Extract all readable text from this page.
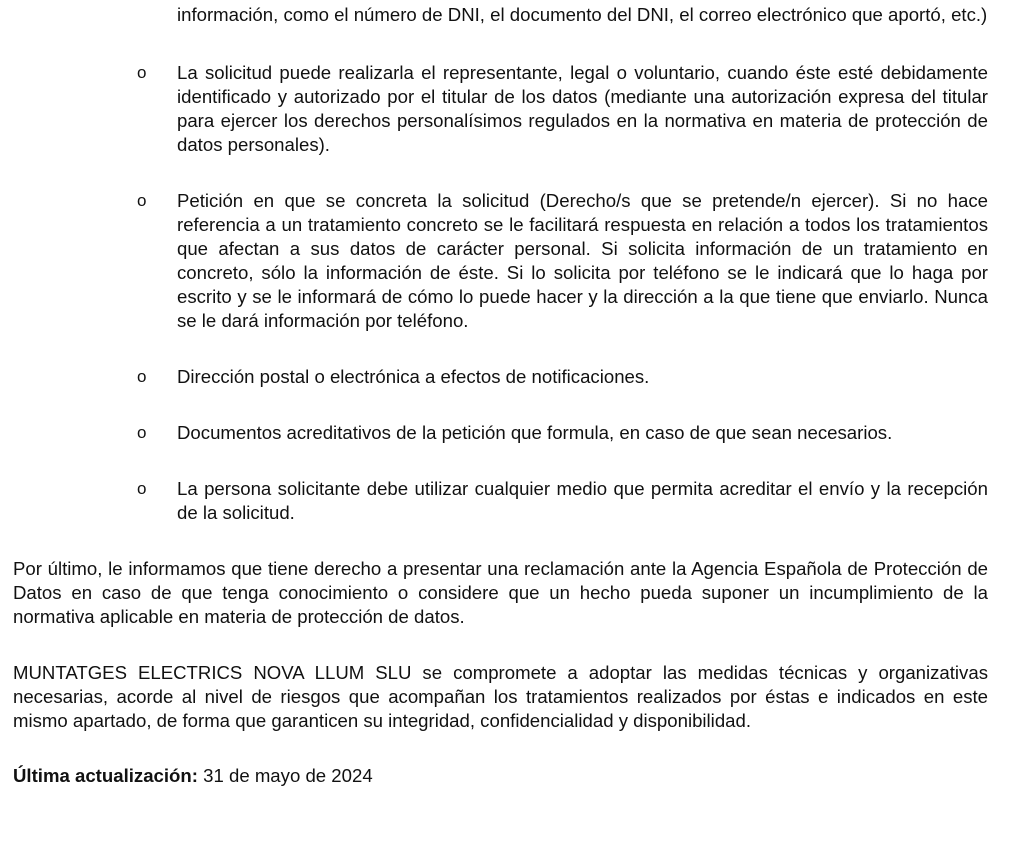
información, como el número de DNI, el documento del DNI, el correo electrónico que aportó, etc.)

o La solicitud puede realizarla el representante, legal o voluntario, cuando éste esté debidamente identificado y autorizado por el titular de los datos (mediante una autorización expresa del titular para ejercer los derechos personalísimos regulados en la normativa en materia de protección de datos personales).

o Petición en que se concreta la solicitud (Derecho/s que se pretende/n ejercer). Si no hace referencia a un tratamiento concreto se le facilitará respuesta en relación a todos los tratamientos que afectan a sus datos de carácter personal. Si solicita información de un tratamiento en concreto, sólo la información de éste. Si lo solicita por teléfono se le indicará que lo haga por escrito y se le informará de cómo lo puede hacer y la dirección a la que tiene que enviarlo. Nunca se le dará información por teléfono.

o Dirección postal o electrónica a efectos de notificaciones.

o Documentos acreditativos de la petición que formula, en caso de que sean necesarios.

o La persona solicitante debe utilizar cualquier medio que permita acreditar el envío y la recepción de la solicitud.

Por último, le informamos que tiene derecho a presentar una reclamación ante la Agencia Española de Protección de Datos en caso de que tenga conocimiento o considere que un hecho pueda suponer un incumplimiento de la normativa aplicable en materia de protección de datos.

MUNTATGES ELECTRICS NOVA LLUM SLU se compromete a adoptar las medidas técnicas y organizativas necesarias, acorde al nivel de riesgos que acompañan los tratamientos realizados por éstas e indicados en este mismo apartado, de forma que garanticen su integridad, confidencialidad y disponibilidad.

Última actualización: 31 de mayo de 2024
